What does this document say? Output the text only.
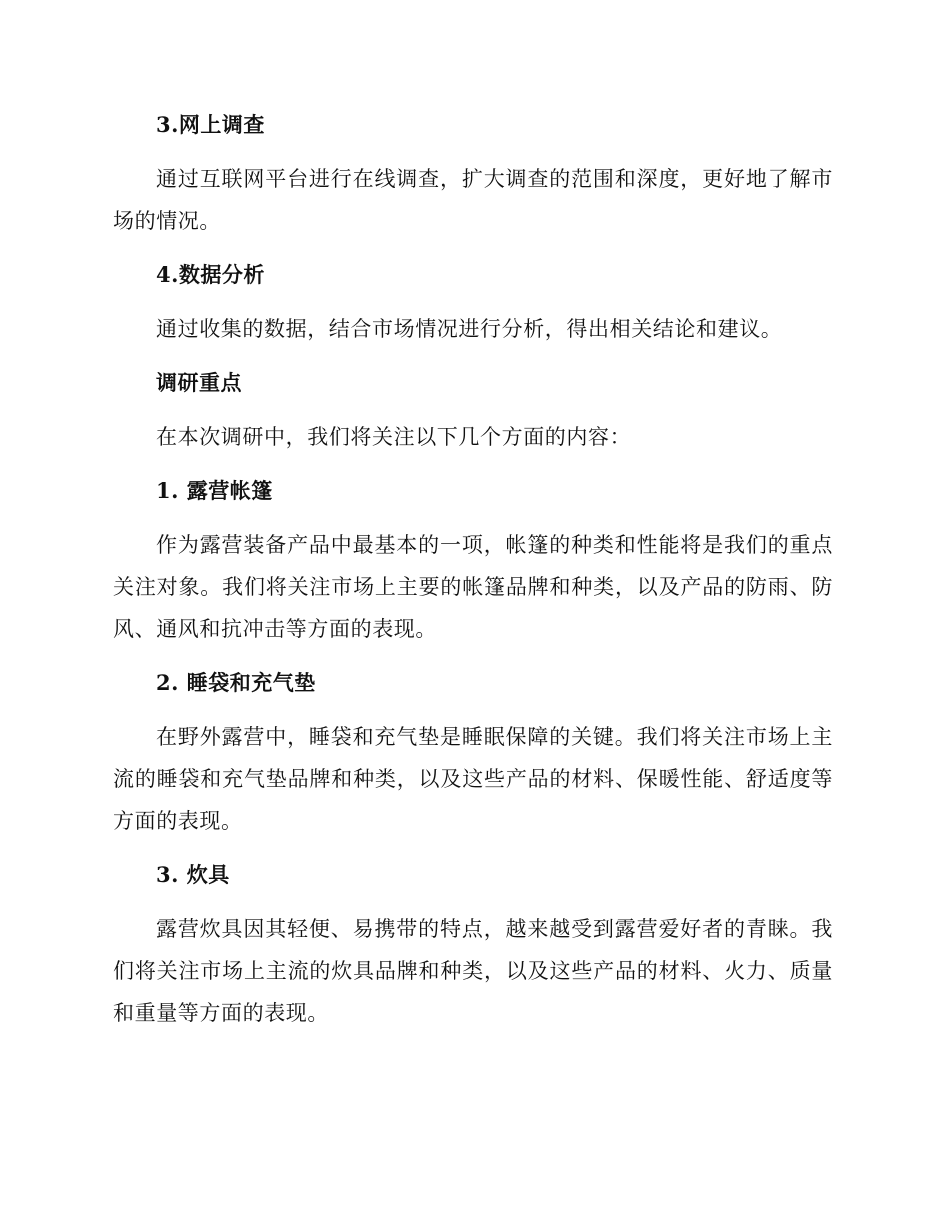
3.网上调查

通过互联网平台进行在线调查，扩大调查的范围和深度，更好地了解市场的情况。

4.数据分析

通过收集的数据，结合市场情况进行分析，得出相关结论和建议。

调研重点

在本次调研中，我们将关注以下几个方面的内容：

1. 露营帐篷

作为露营装备产品中最基本的一项，帐篷的种类和性能将是我们的重点关注对象。我们将关注市场上主要的帐篷品牌和种类，以及产品的防雨、防风、通风和抗冲击等方面的表现。

2. 睡袋和充气垫

在野外露营中，睡袋和充气垫是睡眠保障的关键。我们将关注市场上主流的睡袋和充气垫品牌和种类，以及这些产品的材料、保暖性能、舒适度等方面的表现。

3. 炊具

露营炊具因其轻便、易携带的特点，越来越受到露营爱好者的青睐。我们将关注市场上主流的炊具品牌和种类，以及这些产品的材料、火力、质量和重量等方面的表现。
